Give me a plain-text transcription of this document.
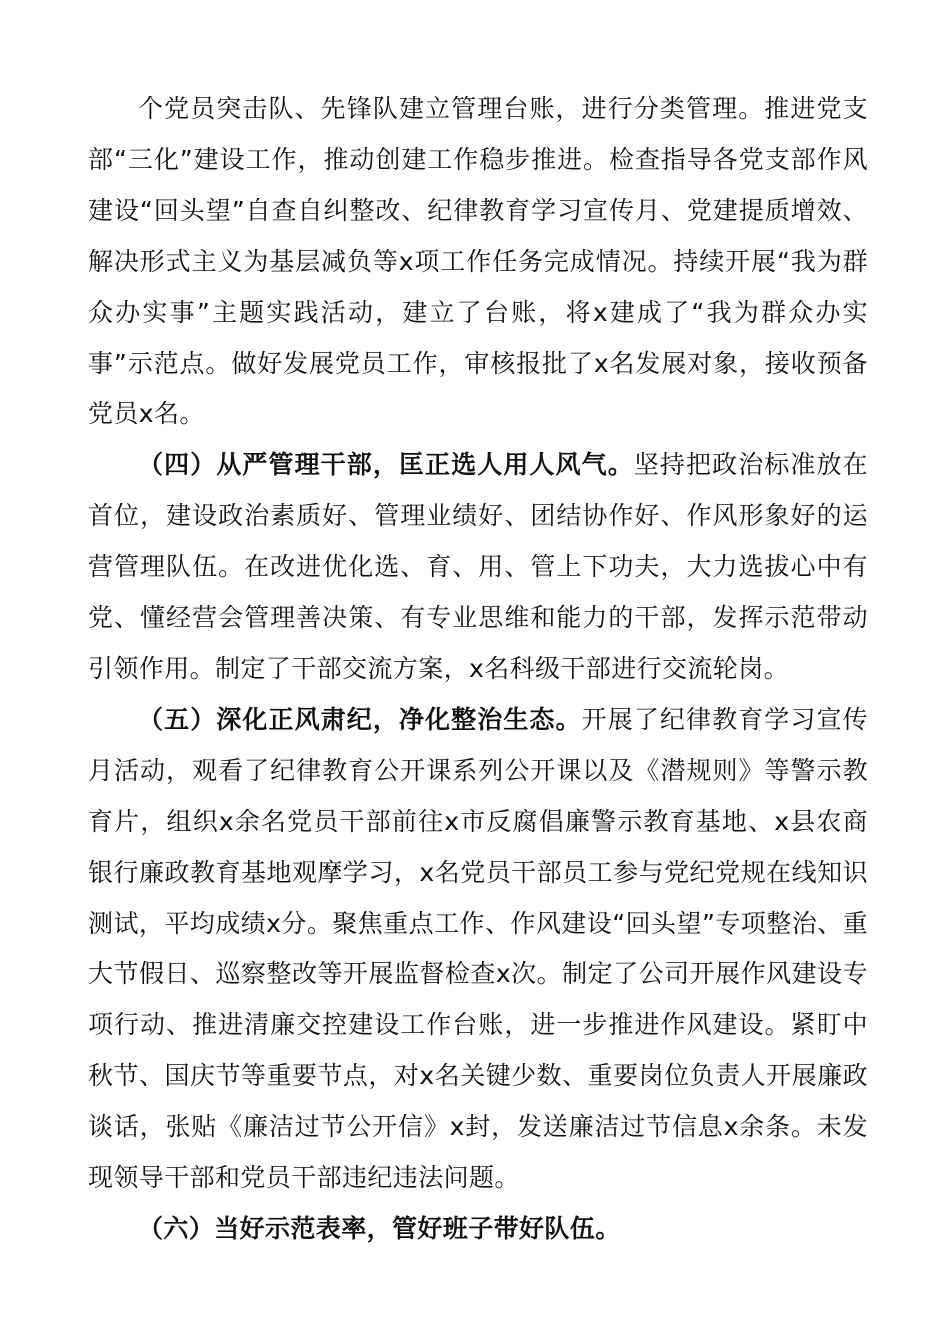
个党员突击队、先锋队建立管理台账，进行分类管理。推进党支部“三化”建设工作，推动创建工作稳步推进。检查指导各党支部作风建设“回头望”自查自纠整改、纪律教育学习宣传月、党建提质增效、解决形式主义为基层减负等x项工作任务完成情况。持续开展“我为群众办实事”主题实践活动，建立了台账，将x建成了“我为群众办实事”示范点。做好发展党员工作，审核报批了x名发展对象，接收预备党员x名。

（四）从严管理干部，匡正选人用人风气。坚持把政治标准放在首位，建设政治素质好、管理业绩好、团结协作好、作风形象好的运营管理队伍。在改进优化选、育、用、管上下功夫，大力选拔心中有党、懂经营会管理善决策、有专业思维和能力的干部，发挥示范带动引领作用。制定了干部交流方案，x名科级干部进行交流轮岗。

（五）深化正风肃纪，净化整治生态。开展了纪律教育学习宣传月活动，观看了纪律教育公开课系列公开课以及《潜规则》等警示教育片，组织x余名党员干部前往x市反腐倡廉警示教育基地、x县农商银行廉政教育基地观摩学习，x名党员干部员工参与党纪党规在线知识测试，平均成绩x分。聚焦重点工作、作风建设“回头望”专项整治、重大节假日、巡察整改等开展监督检查x次。制定了公司开展作风建设专项行动、推进清廉交控建设工作台账，进一步推进作风建设。紧盯中秋节、国庆节等重要节点，对x名关键少数、重要岗位负责人开展廉政谈话，张贴《廉洁过节公开信》x封，发送廉洁过节信息x余条。未发现领导干部和党员干部违纪违法问题。

（六）当好示范表率，管好班子带好队伍。
